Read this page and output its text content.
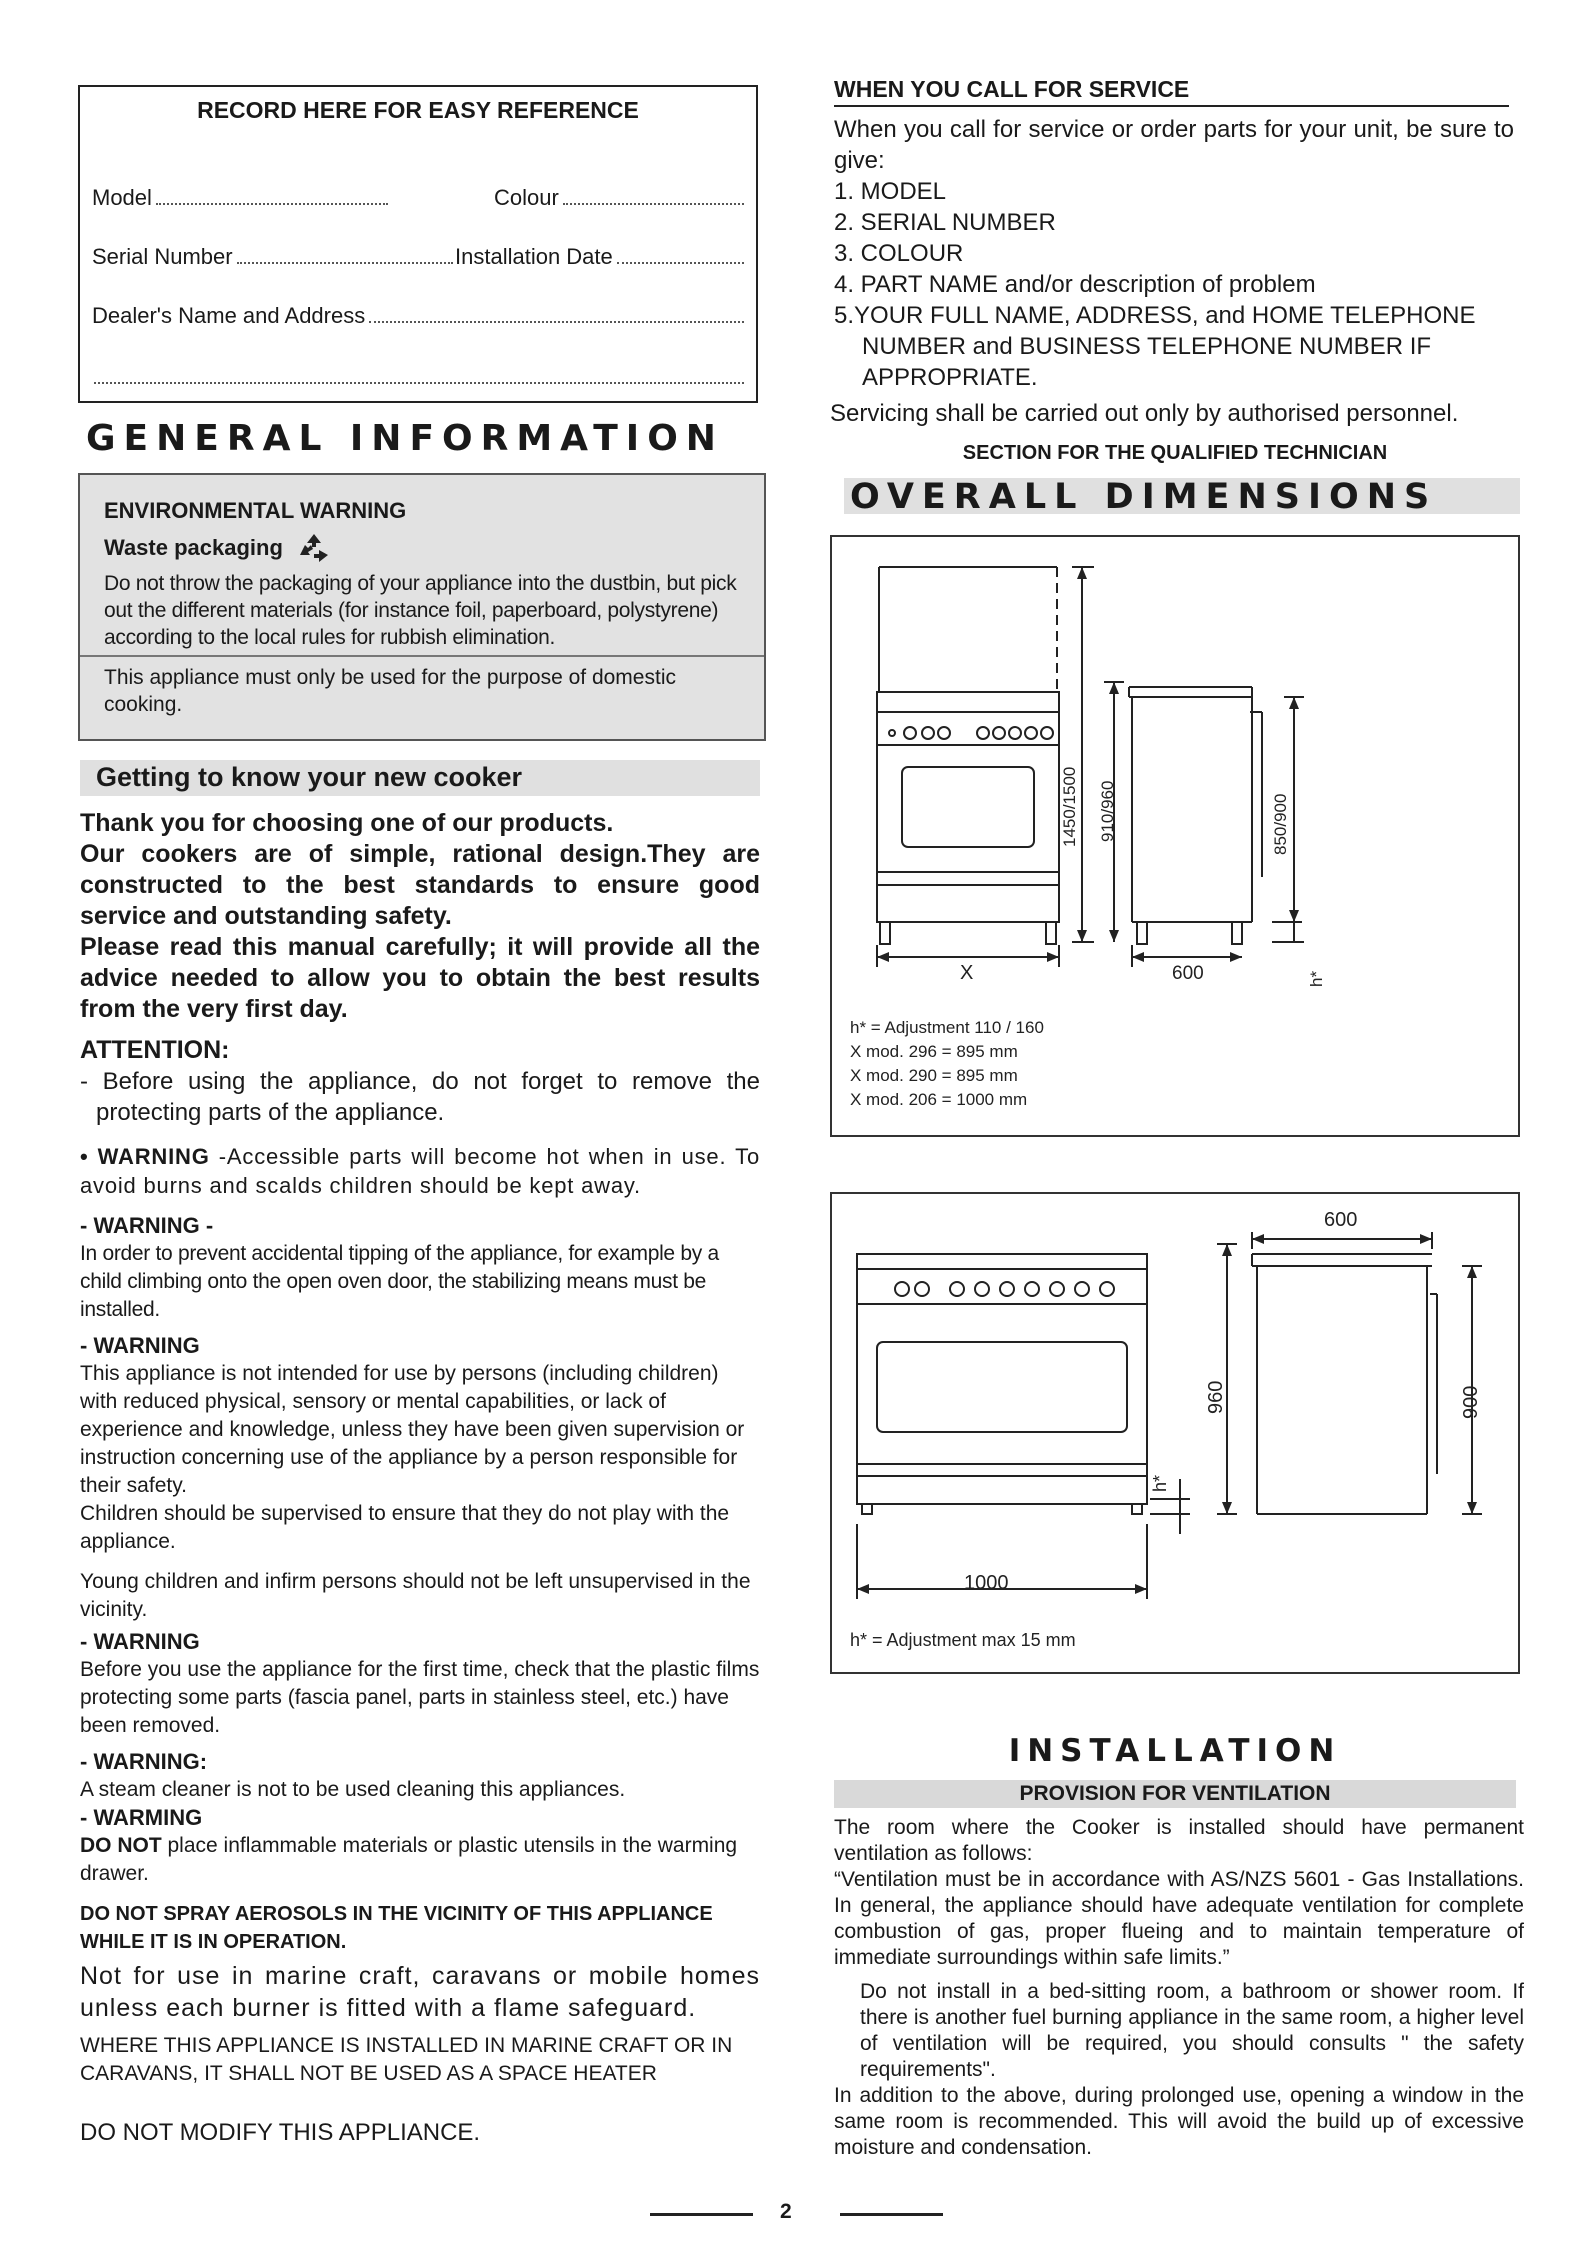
RECORD HERE FOR EASY REFERENCE
Model	Colour
Serial Number	Installation Date
Dealer's Name and Address
GENERAL INFORMATION
ENVIRONMENTAL WARNING
Waste packaging
Do not throw the packaging of your appliance into the dustbin, but pick out the different materials (for instance foil, paperboard, polystyrene) according to the local rules for rubbish elimination.
This appliance must only be used for the purpose of domestic cooking.
Getting to know your new cooker

Thank you for choosing one of our products.

Our cookers are of simple, rational design.They are constructed to the best standards to ensure good service and outstanding safety.

Please read this manual carefully; it will provide all the advice needed to allow you to obtain the best results from the very first day.

ATTENTION:

- Before using the appliance, do not forget to remove the protecting parts of the appliance.

• WARNING -Accessible parts will become hot when in use. To avoid burns and scalds children should be kept away.

- WARNING -

In order to prevent accidental tipping of the appliance, for example by a child climbing onto the open oven door, the stabilizing means must be installed.

- WARNING

This appliance is not intended for use by persons (including children) with reduced physical, sensory or mental capabilities, or lack of experience and knowledge, unless they have been given supervision or instruction concerning use of the appliance by a person responsible for their safety.

Children should be supervised to ensure that they do not play with the appliance.

Young children and infirm persons should not be left unsupervised in the vicinity.

- WARNING

Before you use the appliance for the first time, check that the plastic films protecting some parts (fascia panel, parts in stainless steel, etc.) have been removed.

- WARNING:

A steam cleaner is not to be used cleaning this appliances.

- WARMING

DO NOT place inflammable materials or plastic utensils in the warming drawer.

DO NOT SPRAY AEROSOLS IN THE VICINITY OF THIS APPLIANCE WHILE IT IS IN OPERATION.

Not for use in marine craft, caravans or mobile homes unless each burner is fitted with a flame safeguard.

WHERE THIS APPLIANCE IS INSTALLED IN MARINE CRAFT OR IN CARAVANS, IT SHALL NOT BE USED AS A SPACE HEATER

DO NOT MODIFY THIS APPLIANCE.

WHEN YOU CALL FOR SERVICE

When you call for service or order parts for your unit, be sure to give:

1. MODEL

2. SERIAL NUMBER

3. COLOUR

4. PART NAME and/or description of problem

5.YOUR FULL NAME, ADDRESS, and HOME TELEPHONE

NUMBER and BUSINESS TELEPHONE NUMBER IF

APPROPRIATE.

Servicing shall be carried out only by authorised personnel.
SECTION FOR THE QUALIFIED TECHNICIAN
OVERALL DIMENSIONS
1450/1500 910/960	850/900
X	600	h*
h* = Adjustment 110 / 160
X mod. 296 = 895 mm
X mod. 290 = 895 mm
X mod. 206 = 1000 mm
600
960	900
1000
h*
h* = Adjustment max 15 mm
INSTALLATION
PROVISION FOR VENTILATION

The room where the Cooker is installed should have permanent ventilation as follows:

“Ventilation must be in accordance with AS/NZS 5601 - Gas Installations. In general, the appliance should have adequate ventilation for complete combustion of gas, proper flueing and to maintain temperature of immediate surroundings within safe limits.”

Do not install in a bed-sitting room, a bathroom or shower room. If there is another fuel burning appliance in the same room, a higher level of ventilation will be required, you should consults " the safety requirements".

In addition to the above, during prolonged use, opening a window in the same room is recommended. This will avoid the build up of excessive moisture and condensation.

2
